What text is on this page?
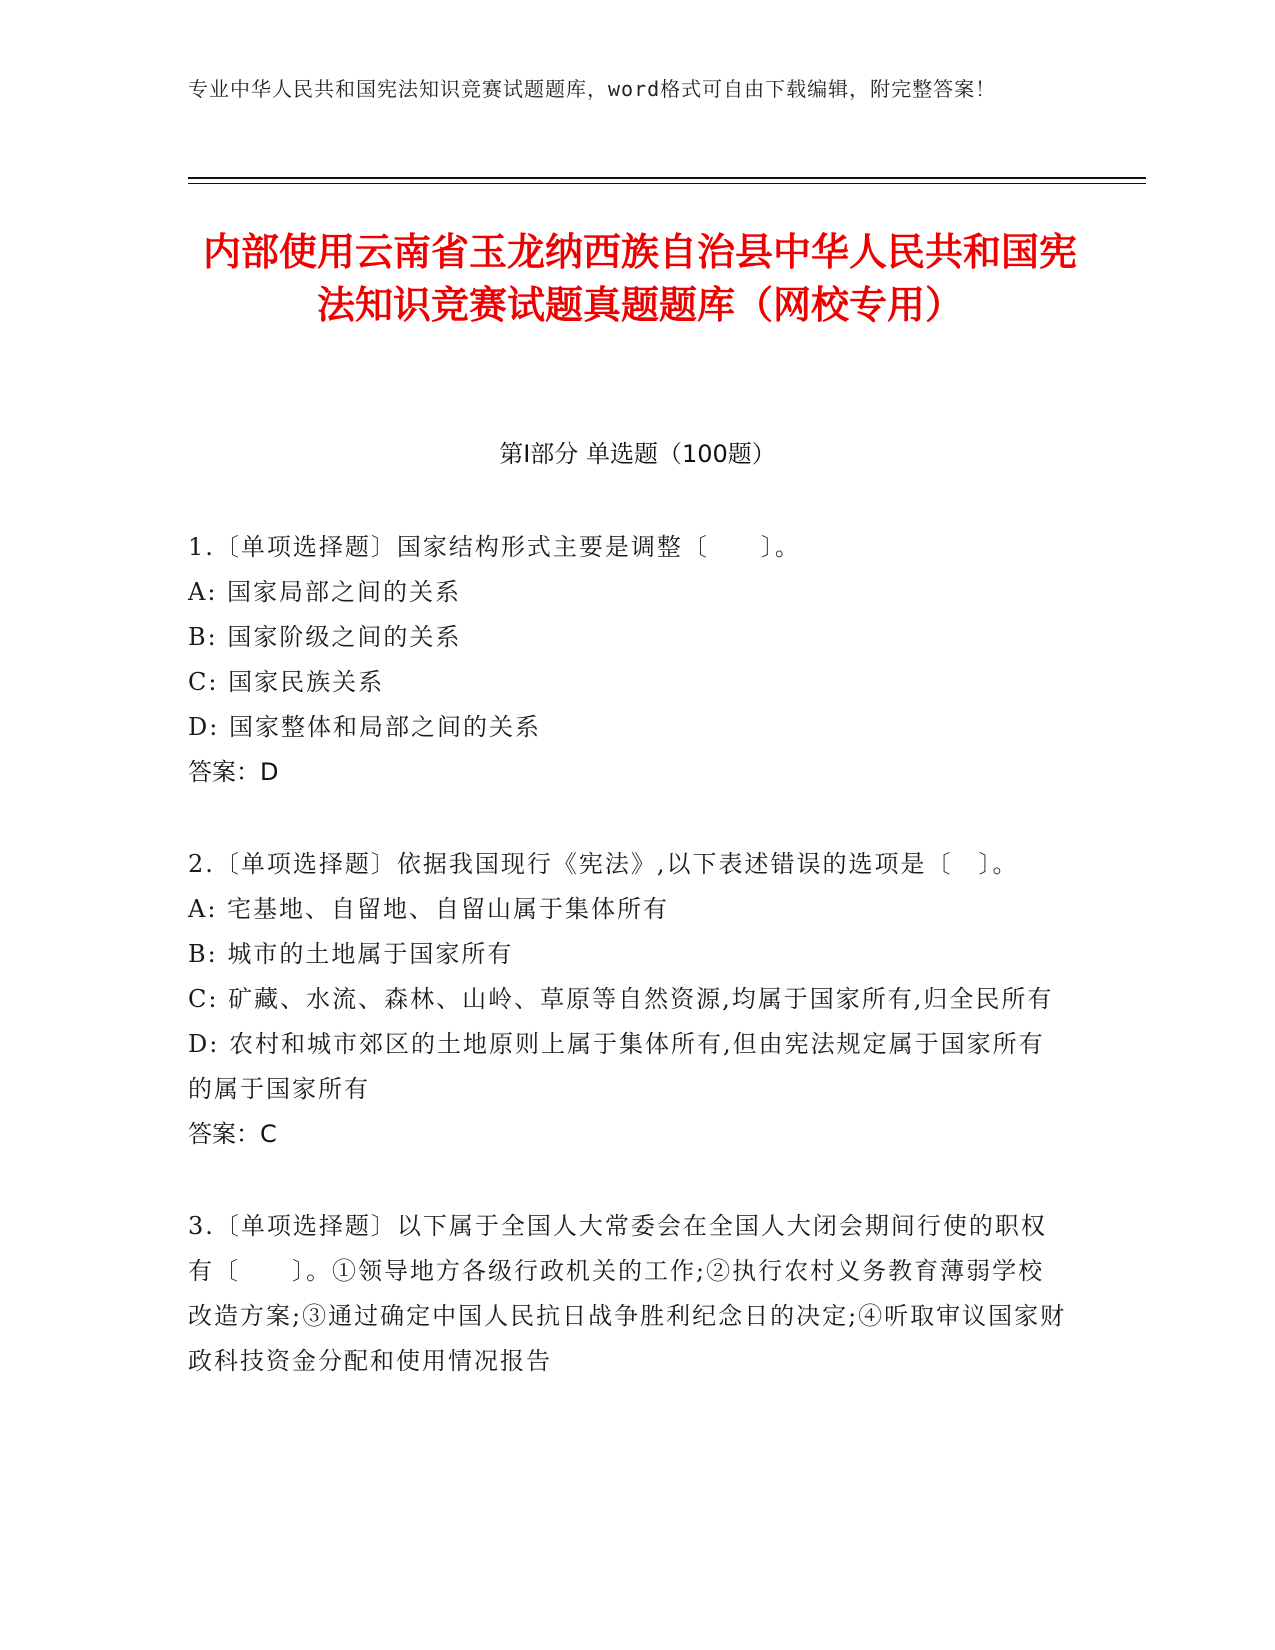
专业中华人民共和国宪法知识竞赛试题题库，word格式可自由下载编辑，附完整答案！
内部使用云南省玉龙纳西族自治县中华人民共和国宪法知识竞赛试题真题题库（网校专用）
第I部分 单选题（100题）

1.〔单项选择题〕国家结构形式主要是调整〔　　〕。

A: 国家局部之间的关系

B: 国家阶级之间的关系

C: 国家民族关系

D: 国家整体和局部之间的关系

答案：D

2.〔单项选择题〕依据我国现行《宪法》,以下表述错误的选项是〔　〕。

A: 宅基地、自留地、自留山属于集体所有

B: 城市的土地属于国家所有

C: 矿藏、水流、森林、山岭、草原等自然资源,均属于国家所有,归全民所有

D: 农村和城市郊区的土地原则上属于集体所有,但由宪法规定属于国家所有的属于国家所有

答案：C

3.〔单项选择题〕以下属于全国人大常委会在全国人大闭会期间行使的职权有〔　　〕。①领导地方各级行政机关的工作;②执行农村义务教育薄弱学校改造方案;③通过确定中国人民抗日战争胜利纪念日的决定;④听取审议国家财政科技资金分配和使用情况报告
